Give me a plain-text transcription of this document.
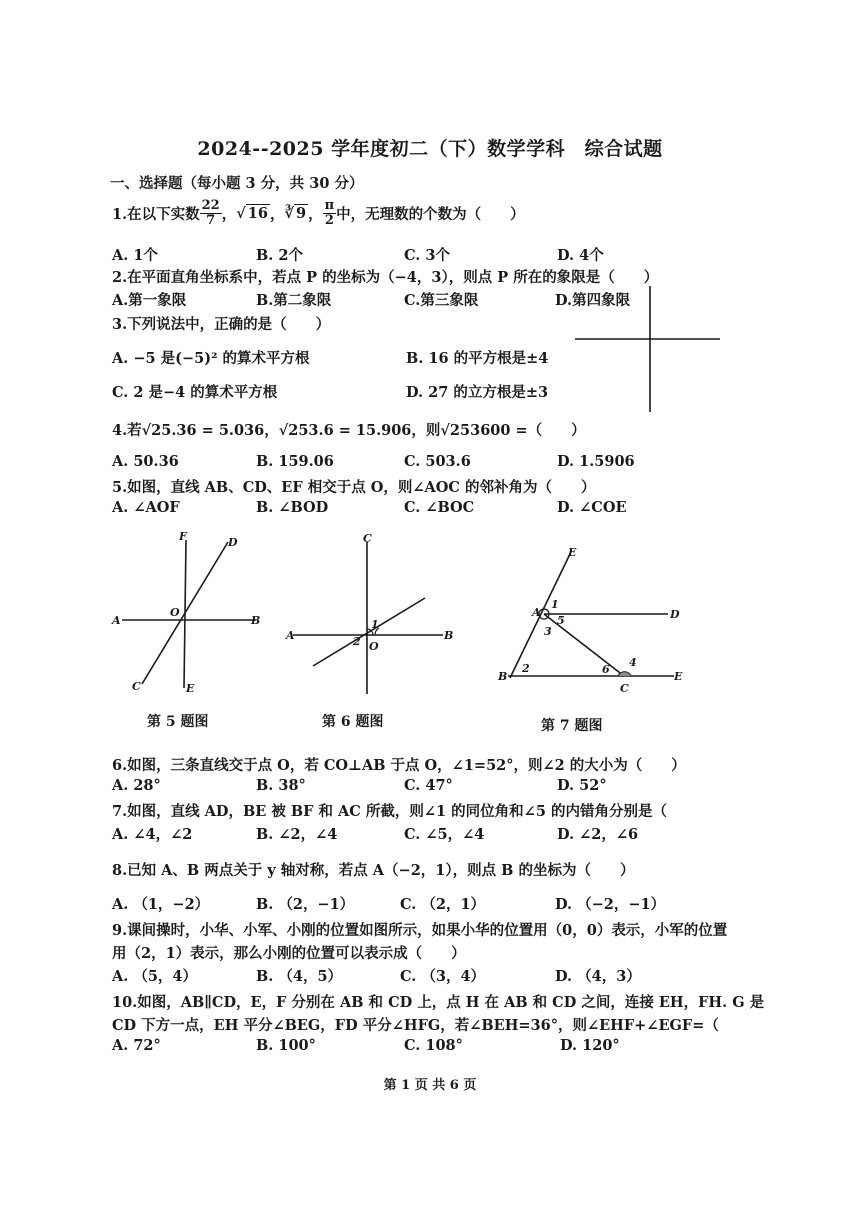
2024--2025 学年度初二（下）数学学科　综合试题
一、选择题（每小题 3 分，共 30 分）
1.在以下实数 $\frac{22}{7}$ ， √ 16 ， ∛ 9 ， $\frac{\pi}{2}$ 中，无理数的个数为（　　）
A. 1个	B. 2个	C. 3个	D. 4个
2.在平面直角坐标系中，若点 P 的坐标为（−4，3），则点 P 所在的象限是（　　）
A.第一象限	B.第二象限	C.第三象限	D.第四象限
3.下列说法中，正确的是（　　）
A. −5 是(−5)² 的算术平方根	B. 16 的平方根是±4
C. 2 是−4 的算术平方根	D. 27 的立方根是±3
4.若√25.36 = 5.036，√253.6 = 15.906，则√253600 =（　　）
A. 50.36	B. 159.06	C. 503.6	D. 1.5906
5.如图，直线 AB、CD、EF 相交于点 O，则∠AOC 的邻补角为（　　）
A. ∠AOF	B. ∠BOD	C. ∠BOC	D. ∠COE
A	B
C
D
E
F
O
第 5 题图
A	B
C
O
1
2
第 6 题图
A
B
C
D
E
E
1
2
3
4
5
6
第 7 题图
6.如图，三条直线交于点 O，若 CO⊥AB 于点 O，∠1=52°，则∠2 的大小为（　　）
A. 28°	B. 38°	C. 47°	D. 52°
7.如图，直线 AD，BE 被 BF 和 AC 所截，则∠1 的同位角和∠5 的内错角分别是（
A. ∠4，∠2	B. ∠2，∠4	C. ∠5，∠4	D. ∠2，∠6
8.已知 A、B 两点关于 y 轴对称，若点 A（−2，1），则点 B 的坐标为（　　）
A. （1，−2）	B. （2，−1）	C. （2，1）	D. （−2，−1）
9.课间操时，小华、小军、小刚的位置如图所示，如果小华的位置用（0，0）表示，小军的位置
用（2，1）表示，那么小刚的位置可以表示成（　　）
A. （5，4）	B. （4，5）	C. （3，4）	D. （4，3）
10.如图，AB∥CD，E，F 分别在 AB 和 CD 上，点 H 在 AB 和 CD 之间，连接 EH，FH. G 是
CD 下方一点，EH 平分∠BEG，FD 平分∠HFG，若∠BEH=36°，则∠EHF+∠EGF=（
A. 72°	B. 100°	C. 108°	D. 120°
第 1 页 共 6 页
